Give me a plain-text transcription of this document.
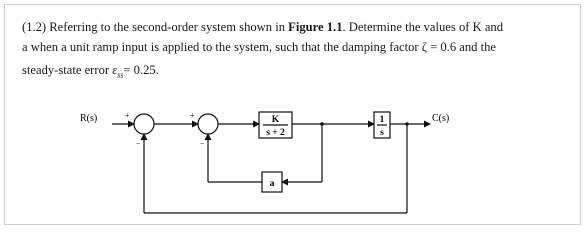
(1.2) Referring to the second-order system shown in Figure 1.1. Determine the values of K and
a when a unit ramp input is applied to the system, such that the damping factor ζ = 0.6 and the
steady-state error $\varepsilon_{ss}= 0.25$.
R(s)	C(s)
K
s + 2
1
s
a
+
−
+
−
